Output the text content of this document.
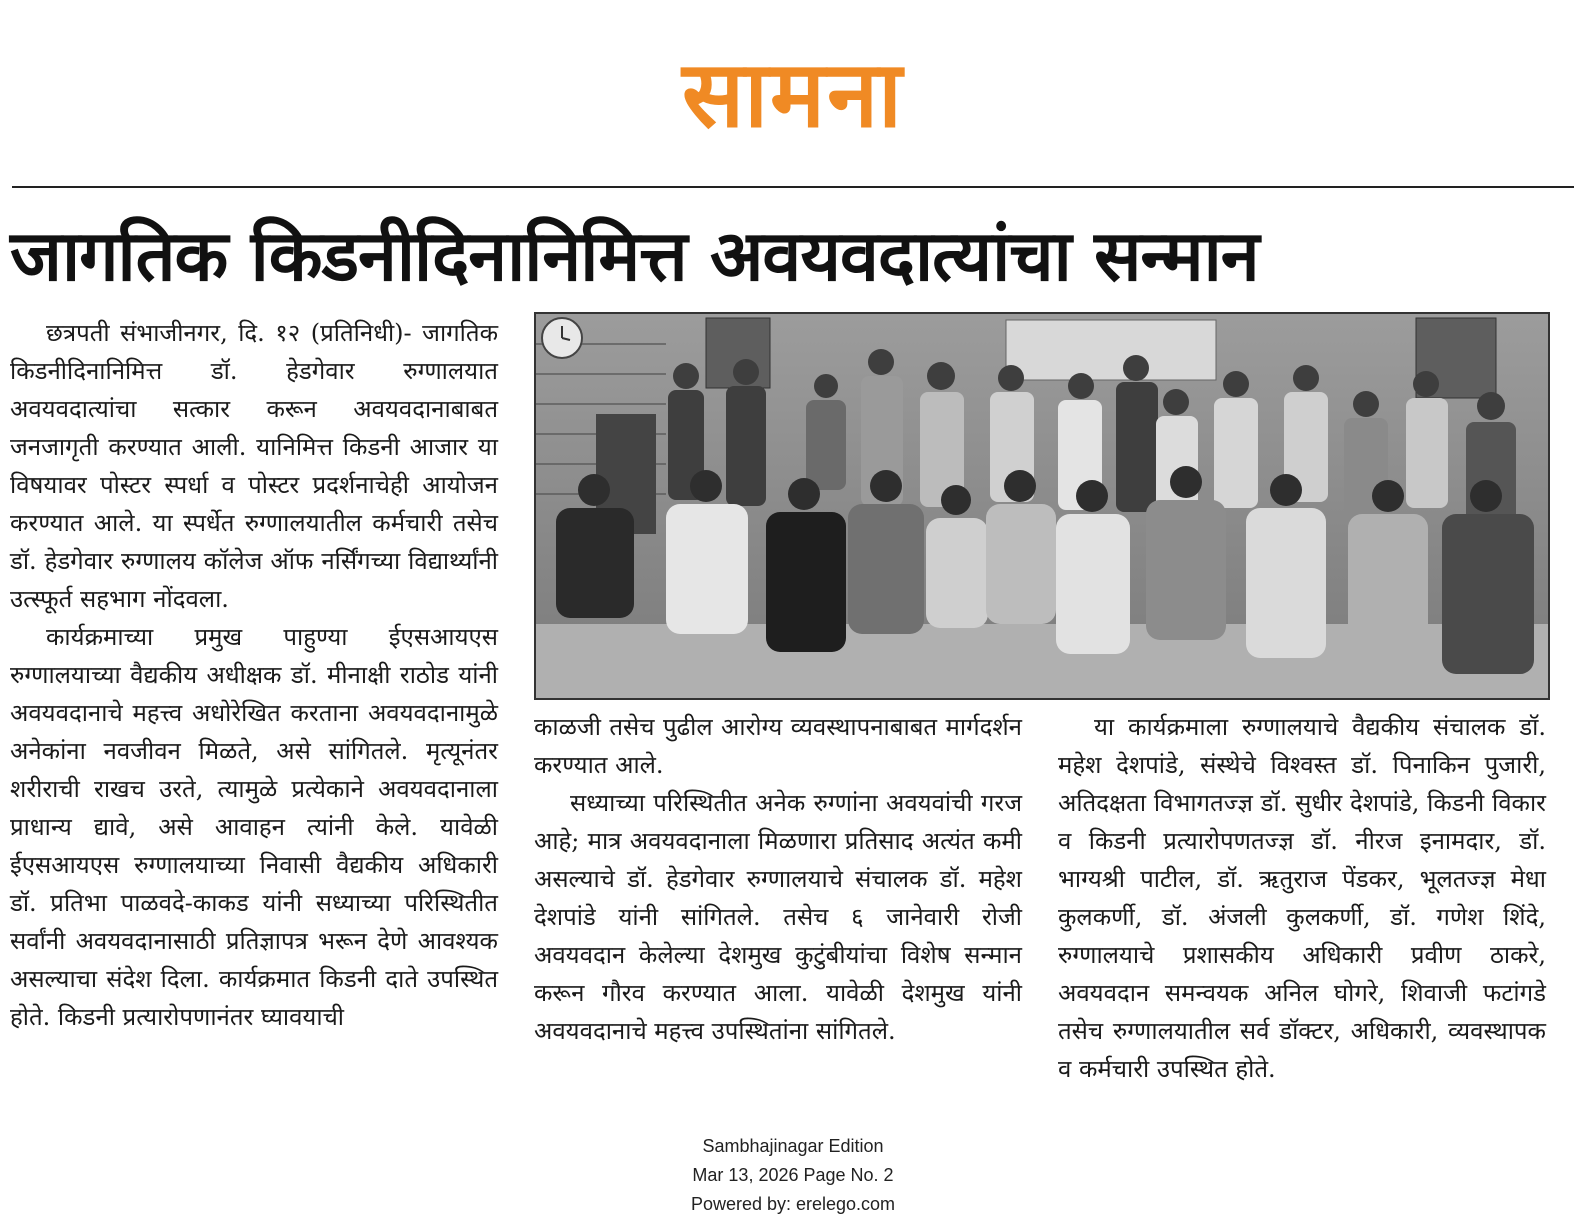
सामना
जागतिक किडनीदिनानिमित्त अवयवदात्यांचा सन्मान

छत्रपती संभाजीनगर, दि. १२ (प्रतिनिधी)- जागतिक किडनीदिनानिमित्त डॉ. हेडगेवार रुग्णालयात अवयवदात्यांचा सत्कार करून अवयवदानाबाबत जनजागृती करण्यात आली. यानिमित्त किडनी आजार या विषयावर पोस्टर स्पर्धा व पोस्टर प्रदर्शनाचेही आयोजन करण्यात आले. या स्पर्धेत रुग्णालयातील कर्मचारी तसेच डॉ. हेडगेवार रुग्णालय कॉलेज ऑफ नर्सिंगच्या विद्यार्थ्यांनी उत्स्फूर्त सहभाग नोंदवला.

कार्यक्रमाच्या प्रमुख पाहुण्या ईएसआयएस रुग्णालयाच्या वैद्यकीय अधीक्षक डॉ. मीनाक्षी राठोड यांनी अवयवदानाचे महत्त्व अधोरेखित करताना अवयवदानामुळे अनेकांना नवजीवन मिळते, असे सांगितले. मृत्यूनंतर शरीराची राखच उरते, त्यामुळे प्रत्येकाने अवयवदानाला प्राधान्य द्यावे, असे आवाहन त्यांनी केले. यावेळी ईएसआयएस रुग्णालयाच्या निवासी वैद्यकीय अधिकारी डॉ. प्रतिभा पाळवदे-काकड यांनी सध्याच्या परिस्थितीत सर्वांनी अवयवदानासाठी प्रतिज्ञापत्र भरून देणे आवश्यक असल्याचा संदेश दिला. कार्यक्रमात किडनी दाते उपस्थित होते. किडनी प्रत्यारोपणानंतर घ्यावयाची

काळजी तसेच पुढील आरोग्य व्यवस्थापनाबाबत मार्गदर्शन करण्यात आले.

सध्याच्या परिस्थितीत अनेक रुग्णांना अवयवांची गरज आहे; मात्र अवयवदानाला मिळणारा प्रतिसाद अत्यंत कमी असल्याचे डॉ. हेडगेवार रुग्णालयाचे संचालक डॉ. महेश देशपांडे यांनी सांगितले. तसेच ६ जानेवारी रोजी अवयवदान केलेल्या देशमुख कुटुंबीयांचा विशेष सन्मान करून गौरव करण्यात आला. यावेळी देशमुख यांनी अवयवदानाचे महत्त्व उपस्थितांना सांगितले.

या कार्यक्रमाला रुग्णालयाचे वैद्यकीय संचालक डॉ. महेश देशपांडे, संस्थेचे विश्वस्त डॉ. पिनाकिन पुजारी, अतिदक्षता विभागतज्ज्ञ डॉ. सुधीर देशपांडे, किडनी विकार व किडनी प्रत्यारोपणतज्ज्ञ डॉ. नीरज इनामदार, डॉ. भाग्यश्री पाटील, डॉ. ऋतुराज पेंडकर, भूलतज्ज्ञ मेधा कुलकर्णी, डॉ. अंजली कुलकर्णी, डॉ. गणेश शिंदे, रुग्णालयाचे प्रशासकीय अधिकारी प्रवीण ठाकरे, अवयवदान समन्वयक अनिल घोगरे, शिवाजी फटांगडे तसेच रुग्णालयातील सर्व डॉक्टर, अधिकारी, व्यवस्थापक व कर्मचारी उपस्थित होते.

Sambhajinagar Edition
Mar 13, 2026 Page No. 2
Powered by: erelego.com
